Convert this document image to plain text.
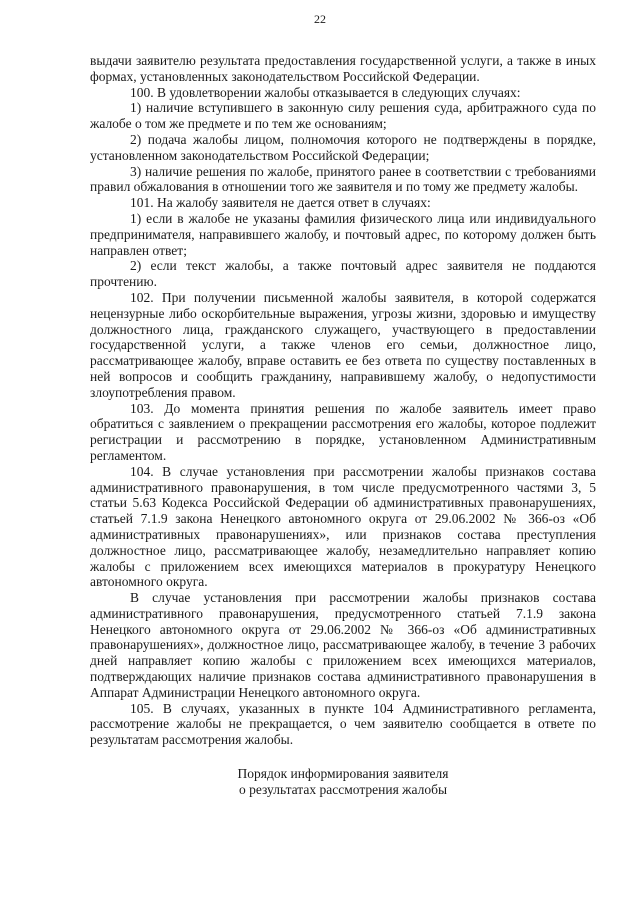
22

выдачи заявителю результата предоставления государственной услуги, а также в иных формах, установленных законодательством Российской Федерации.

100. В удовлетворении жалобы отказывается в следующих случаях:

1) наличие вступившего в законную силу решения суда, арбитражного суда по жалобе о том же предмете и по тем же основаниям;

2) подача жалобы лицом, полномочия которого не подтверждены в порядке, установленном законодательством Российской Федерации;

3) наличие решения по жалобе, принятого ранее в соответствии с требованиями правил обжалования в отношении того же заявителя и по тому же предмету жалобы.

101. На жалобу заявителя не дается ответ в случаях:

1) если в жалобе не указаны фамилия физического лица или индивидуального предпринимателя, направившего жалобу, и почтовый адрес, по которому должен быть направлен ответ;

2) если текст жалобы, а также почтовый адрес заявителя не поддаются прочтению.

102. При получении письменной жалобы заявителя, в которой содержатся нецензурные либо оскорбительные выражения, угрозы жизни, здоровью и имуществу должностного лица, гражданского служащего, участвующего в предоставлении государственной услуги, а также членов его семьи, должностное лицо, рассматривающее жалобу, вправе оставить ее без ответа по существу поставленных в ней вопросов и сообщить гражданину, направившему жалобу, о недопустимости злоупотребления правом.

103. До момента принятия решения по жалобе заявитель имеет право обратиться с заявлением о прекращении рассмотрения его жалобы, которое подлежит регистрации и рассмотрению в порядке, установленном Административным регламентом.

104. В случае установления при рассмотрении жалобы признаков состава административного правонарушения, в том числе предусмотренного частями 3, 5 статьи 5.63 Кодекса Российской Федерации об административных правонарушениях, статьей 7.1.9 закона Ненецкого автономного округа от 29.06.2002 № 366-оз «Об административных правонарушениях», или признаков состава преступления должностное лицо, рассматривающее жалобу, незамедлительно направляет копию жалобы с приложением всех имеющихся материалов в прокуратуру Ненецкого автономного округа.

В случае установления при рассмотрении жалобы признаков состава административного правонарушения, предусмотренного статьей 7.1.9 закона Ненецкого автономного округа от 29.06.2002 № 366-оз «Об административных правонарушениях», должностное лицо, рассматривающее жалобу, в течение 3 рабочих дней направляет копию жалобы с приложением всех имеющихся материалов, подтверждающих наличие признаков состава административного правонарушения в Аппарат Администрации Ненецкого автономного округа.

105. В случаях, указанных в пункте 104 Административного регламента, рассмотрение жалобы не прекращается, о чем заявителю сообщается в ответе по результатам рассмотрения жалобы.

Порядок информирования заявителя
о результатах рассмотрения жалобы
